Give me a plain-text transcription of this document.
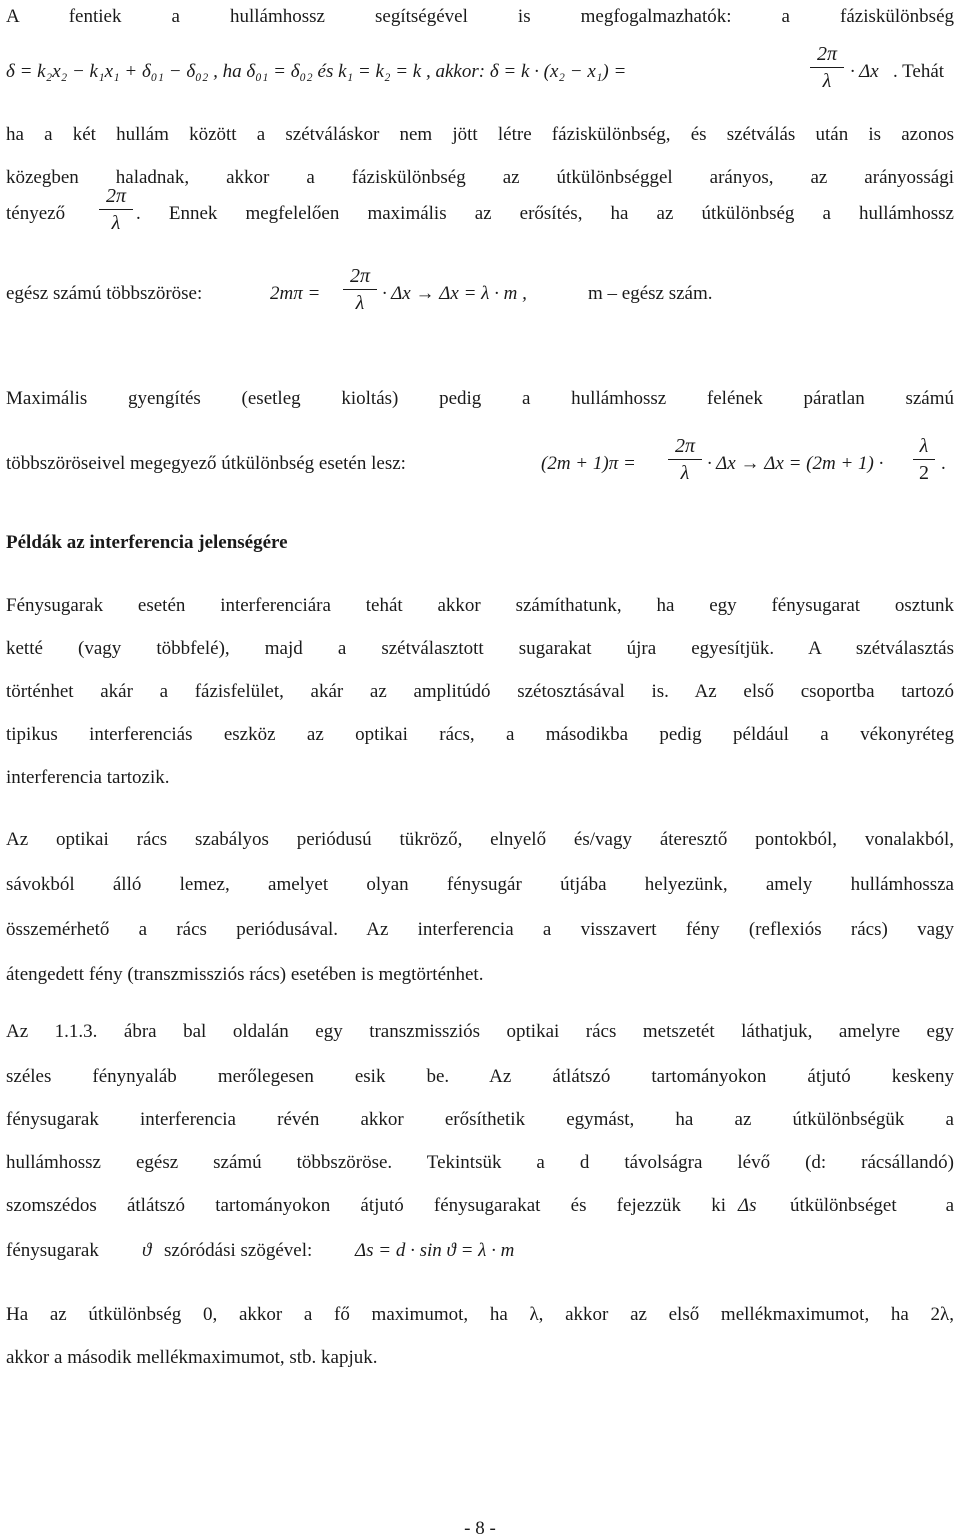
A fentiek a hullámhossz segítségével is megfogalmazhatók: a fáziskülönbség
δ = k₂x₂ − k₁x₁ + δ₀₁ − δ₀₂ , ha δ₀₁ = δ₀₂ és k₁ = k₂ = k , akkor: δ = k · (x₂ − x₁) =
2π
λ · Δx . Tehát
ha a két hullám között a szétváláskor nem jött létre fáziskülönbség, és szétválás után is azonos
közegben haladnak, akkor a fáziskülönbség az útkülönbséggel arányos, az arányossági
tényező
2π
λ . Ennek megfelelően maximális az erősítés, ha az útkülönbség a hullámhossz
egész számú többszöröse:	2mπ =
2π
λ · Δx → Δx = λ · m ,	m – egész szám.
Maximális gyengítés (esetleg kioltás) pedig a hullámhossz felének páratlan számú
többszöröseivel megegyező útkülönbség esetén lesz:	(2m + 1)π =
2π
λ · Δx → Δx = (2m + 1) ·
λ
2 .
Példák az interferencia jelenségére
Fénysugarak esetén interferenciára tehát akkor számíthatunk, ha egy fénysugarat osztunk
ketté (vagy többfelé), majd a szétválasztott sugarakat újra egyesítjük. A szétválasztás
történhet akár a fázisfelület, akár az amplitúdó szétosztásával is. Az első csoportba tartozó
tipikus interferenciás eszköz az optikai rács, a másodikba pedig például a vékonyréteg
interferencia tartozik.
Az optikai rács szabályos periódusú tükröző, elnyelő és/vagy áteresztő pontokból, vonalakból,
sávokból álló lemez, amelyet olyan fénysugár útjába helyezünk, amely hullámhossza
összemérhető a rács periódusával. Az interferencia a visszavert fény (reflexiós rács) vagy
átengedett fény (transzmissziós rács) esetében is megtörténhet.
Az 1.1.3. ábra bal oldalán egy transzmissziós optikai rács metszetét láthatjuk, amelyre egy
széles fénynyaláb merőlegesen esik be. Az átlátszó tartományokon átjutó keskeny
fénysugarak interferencia révén akkor erősíthetik egymást, ha az útkülönbségük a
hullámhossz egész számú többszöröse. Tekintsük a d távolságra lévő (d: rácsállandó)
szomszédos átlátszó tartományokon átjutó fénysugarakat és fejezzük ki Δs útkülönbséget a
fénysugarak ϑ szóródási szögével: Δs = d · sin ϑ = λ · m
Ha az útkülönbség 0, akkor a fő maximumot, ha λ, akkor az első mellékmaximumot, ha 2λ,
akkor a második mellékmaximumot, stb. kapjuk.
- 8 -
